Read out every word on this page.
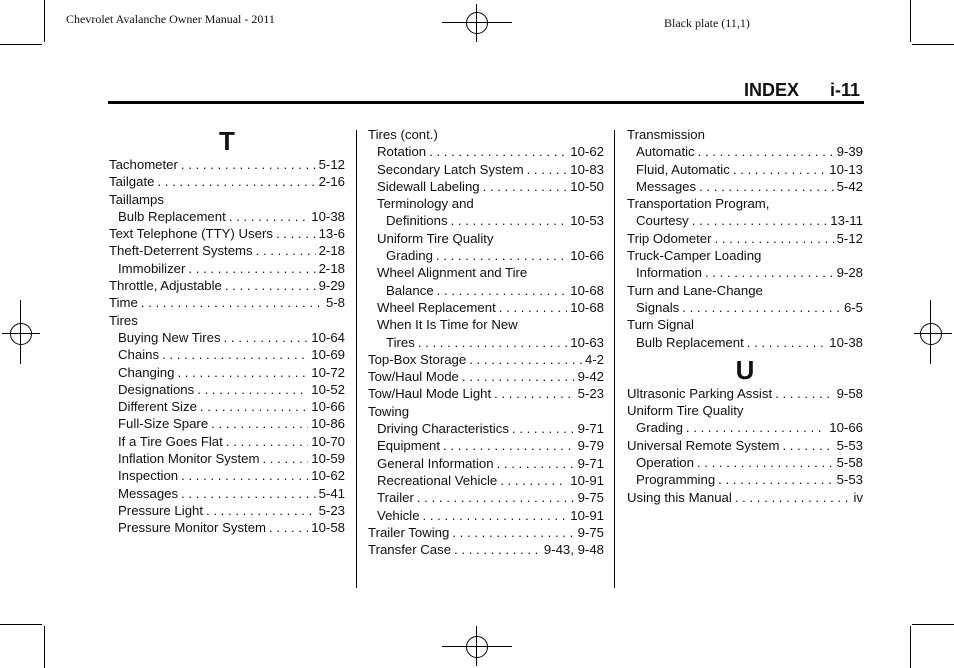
Chevrolet Avalanche Owner Manual - 2011	Black plate (11,1)
INDEX i-11
T
Tachometer . . .	5-12
Tailgate . . .	2-16
Taillamps
Bulb Replacement . . .	10-38
Text Telephone (TTY) Users . . .	13-6
Theft-Deterrent Systems . . .	2-18
Immobilizer . . .	2-18
Throttle, Adjustable . . .	9-29
Time . . .	5-8
Tires
Buying New Tires . . .	10-64
Chains . . .	10-69
Changing . . .	10-72
Designations . . .	10-52
Different Size . . .	10-66
Full-Size Spare . . .	10-86
If a Tire Goes Flat . . .	10-70
Inflation Monitor System . . .	10-59
Inspection . . .	10-62
Messages . . .	5-41
Pressure Light . . .	5-23
Pressure Monitor System . . .	10-58
Tires (cont.)
Rotation . . .	10-62
Secondary Latch System . . .	10-83
Sidewall Labeling . . .	10-50
Terminology and
Definitions . . .	10-53
Uniform Tire Quality
Grading . . .	10-66
Wheel Alignment and Tire
Balance . . .	10-68
Wheel Replacement . . .	10-68
When It Is Time for New
Tires . . .	10-63
Top-Box Storage . . .	4-2
Tow/Haul Mode . . .	9-42
Tow/Haul Mode Light . . .	5-23
Towing
Driving Characteristics . . .	9-71
Equipment . . .	9-79
General Information . . .	9-71
Recreational Vehicle . . .	10-91
Trailer . . .	9-75
Vehicle . . .	10-91
Trailer Towing . . .	9-75
Transfer Case . . .	9-43, 9-48
Transmission
Automatic . . .	9-39
Fluid, Automatic . . .	10-13
Messages . . .	5-42
Transportation Program,
Courtesy . . .	13-11
Trip Odometer . . .	5-12
Truck-Camper Loading
Information . . .	9-28
Turn and Lane-Change
Signals . . .	6-5
Turn Signal
Bulb Replacement . . .	10-38
U
Ultrasonic Parking Assist . . .	9-58
Uniform Tire Quality
Grading . . .	10-66
Universal Remote System . . .	5-53
Operation . . .	5-58
Programming . . .	5-53
Using this Manual . . .	iv
